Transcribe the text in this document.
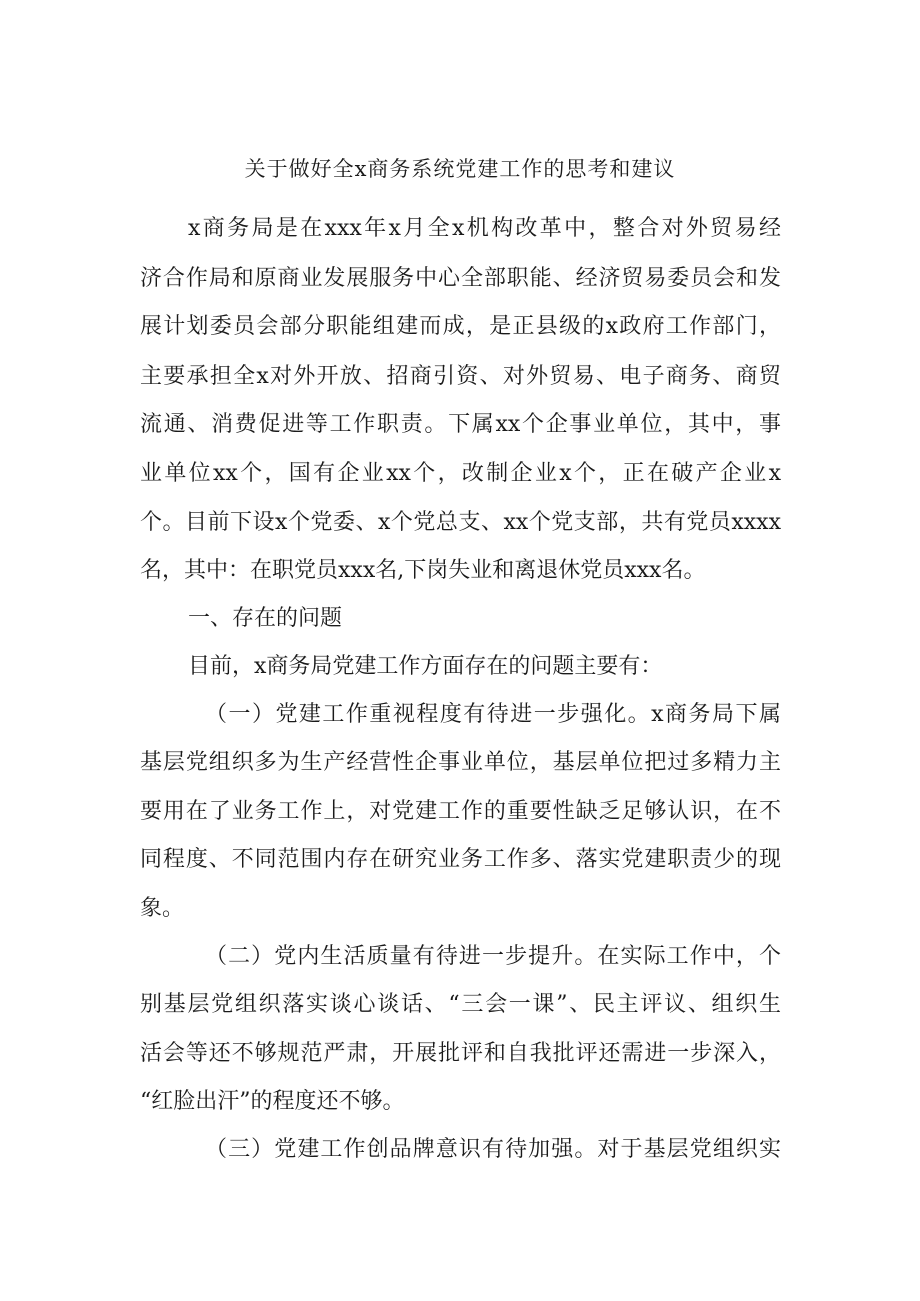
关于做好全x商务系统党建工作的思考和建议
x商务局是在xxx年x月全x机构改革中，整合对外贸易经
济合作局和原商业发展服务中心全部职能、经济贸易委员会和发
展计划委员会部分职能组建而成，是正县级的x政府工作部门，
主要承担全x对外开放、招商引资、对外贸易、电子商务、商贸
流通、消费促进等工作职责。下属xx个企事业单位，其中，事
业单位xx个，国有企业xx个，改制企业x个，正在破产企业x
个。目前下设x个党委、x个党总支、xx个党支部，共有党员xxxx
名，其中：在职党员xxx名,下岗失业和离退休党员xxx名。
一、存在的问题
目前，x商务局党建工作方面存在的问题主要有：
（一）党建工作重视程度有待进一步强化。x商务局下属
基层党组织多为生产经营性企事业单位，基层单位把过多精力主
要用在了业务工作上，对党建工作的重要性缺乏足够认识，在不
同程度、不同范围内存在研究业务工作多、落实党建职责少的现
象。
（二）党内生活质量有待进一步提升。在实际工作中，个
别基层党组织落实谈心谈话、“三会一课”、民主评议、组织生
活会等还不够规范严肃，开展批评和自我批评还需进一步深入，
“红脸出汗”的程度还不够。
（三）党建工作创品牌意识有待加强。对于基层党组织实
